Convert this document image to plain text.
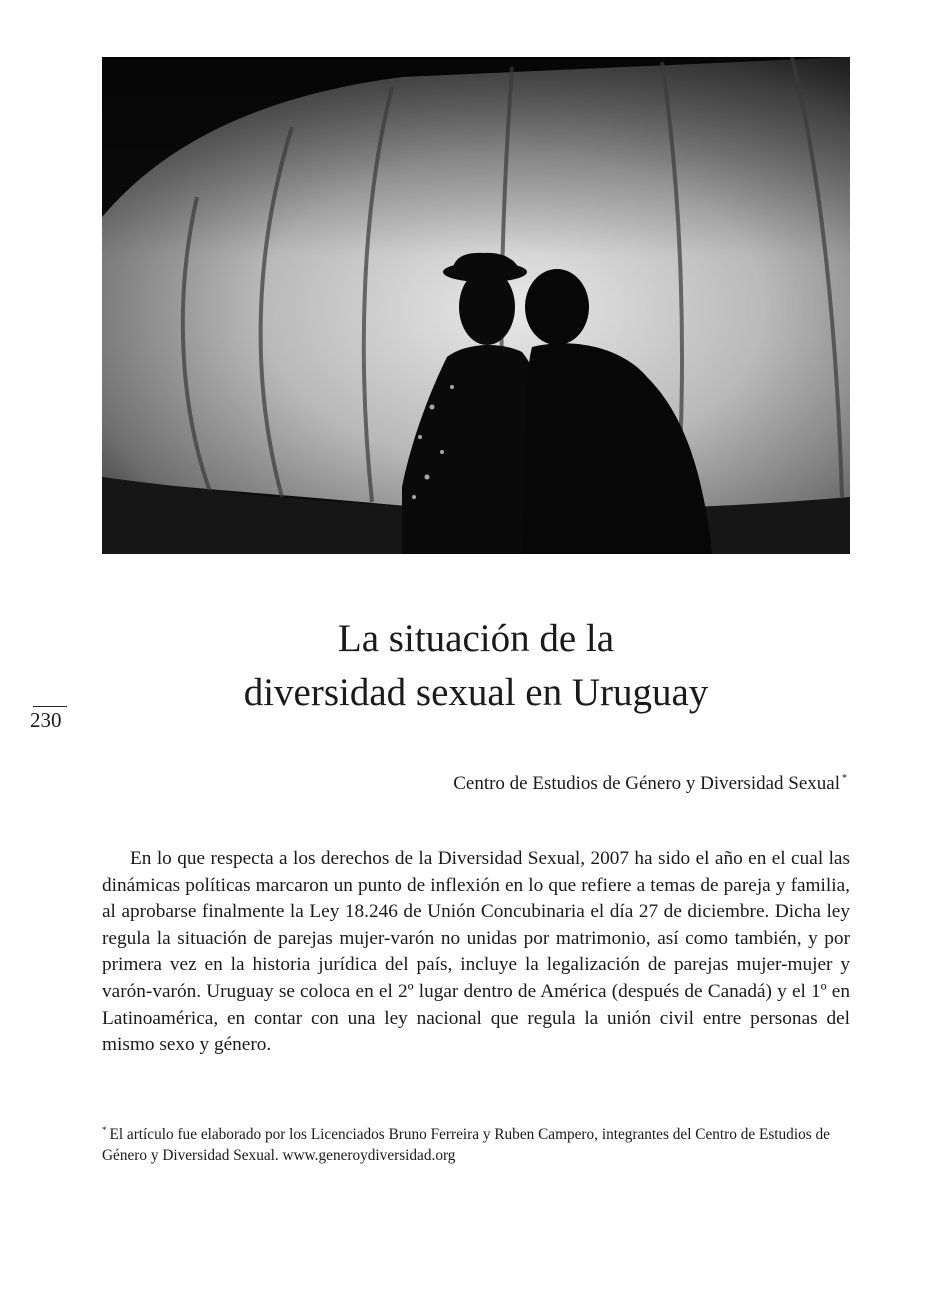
La situación de la
diversidad sexual en Uruguay
230
Centro de Estudios de Género y Diversidad Sexual *

En lo que respecta a los derechos de la Diversidad Sexual, 2007 ha sido el año en el cual las dinámicas políticas marcaron un punto de inflexión en lo que refiere a temas de pareja y familia, al aprobarse finalmente la Ley 18.246 de Unión Concubinaria el día 27 de diciembre. Dicha ley regula la situación de parejas mujer-varón no unidas por matrimonio, así como también, y por primera vez en la historia jurídica del país, incluye la legalización de parejas mujer-mujer y varón-varón. Uruguay se coloca en el 2º lugar dentro de América (después de Canadá) y el 1º en Latinoamérica, en contar con una ley nacional que regula la unión civil entre personas del mismo sexo y género.

* El artículo fue elaborado por los Licenciados Bruno Ferreira y Ruben Campero, integrantes del Centro de Estudios de Género y Diversidad Sexual. www.generoydiversidad.org
